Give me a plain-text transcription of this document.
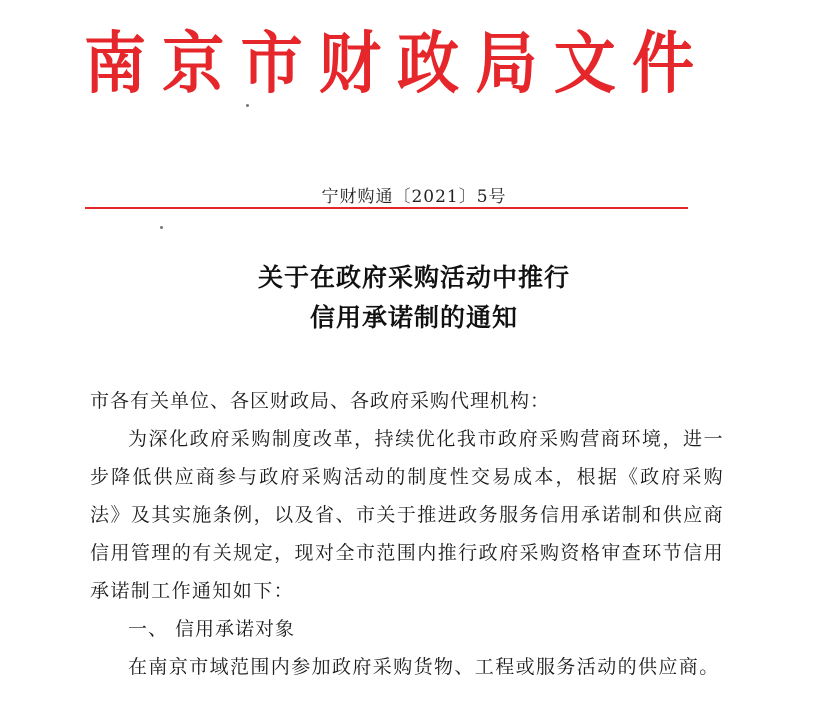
南 京 市 财 政 局 文 件
宁财购通〔2021〕5号
关于在政府采购活动中推行
信用承诺制的通知

市各有关单位、各区财政局、各政府采购代理机构：

为深化政府采购制度改革，持续优化我市政府采购营商环境，进一步降低供应商参与政府采购活动的制度性交易成本，根据《政府采购法》及其实施条例，以及省、市关于推进政务服务信用承诺制和供应商信用管理的有关规定，现对全市范围内推行政府采购资格审查环节信用承诺制工作通知如下：

一、 信用承诺对象

在南京市域范围内参加政府采购货物、工程或服务活动的供应商。
